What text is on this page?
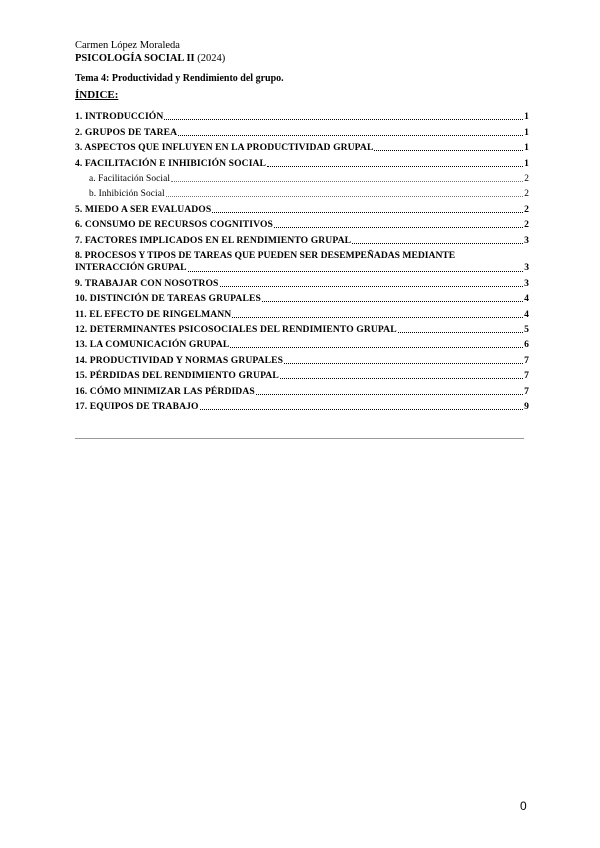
Carmen López Moraleda
PSICOLOGÍA SOCIAL II (2024)
Tema 4: Productividad y Rendimiento del grupo.
ÍNDICE:
1. INTRODUCCIÓN	1
2. GRUPOS DE TAREA	1
3. ASPECTOS QUE INFLUYEN EN LA PRODUCTIVIDAD GRUPAL	1
4. FACILITACIÓN E INHIBICIÓN SOCIAL	1
a. Facilitación Social	2
b. Inhibición Social	2
5. MIEDO A SER EVALUADOS	2
6. CONSUMO DE RECURSOS COGNITIVOS	2
7. FACTORES IMPLICADOS EN EL RENDIMIENTO GRUPAL	3
8. PROCESOS Y TIPOS DE TAREAS QUE PUEDEN SER DESEMPEÑADAS MEDIANTE
INTERACCIÓN GRUPAL	3
9. TRABAJAR CON NOSOTROS	3
10. DISTINCIÓN DE TAREAS GRUPALES	4
11. EL EFECTO DE RINGELMANN	4
12. DETERMINANTES PSICOSOCIALES DEL RENDIMIENTO GRUPAL	5
13. LA COMUNICACIÓN GRUPAL	6
14. PRODUCTIVIDAD Y NORMAS GRUPALES	7
15. PÉRDIDAS DEL RENDIMIENTO GRUPAL	7
16. CÓMO MINIMIZAR LAS PÉRDIDAS	7
17. EQUIPOS DE TRABAJO	9
0
